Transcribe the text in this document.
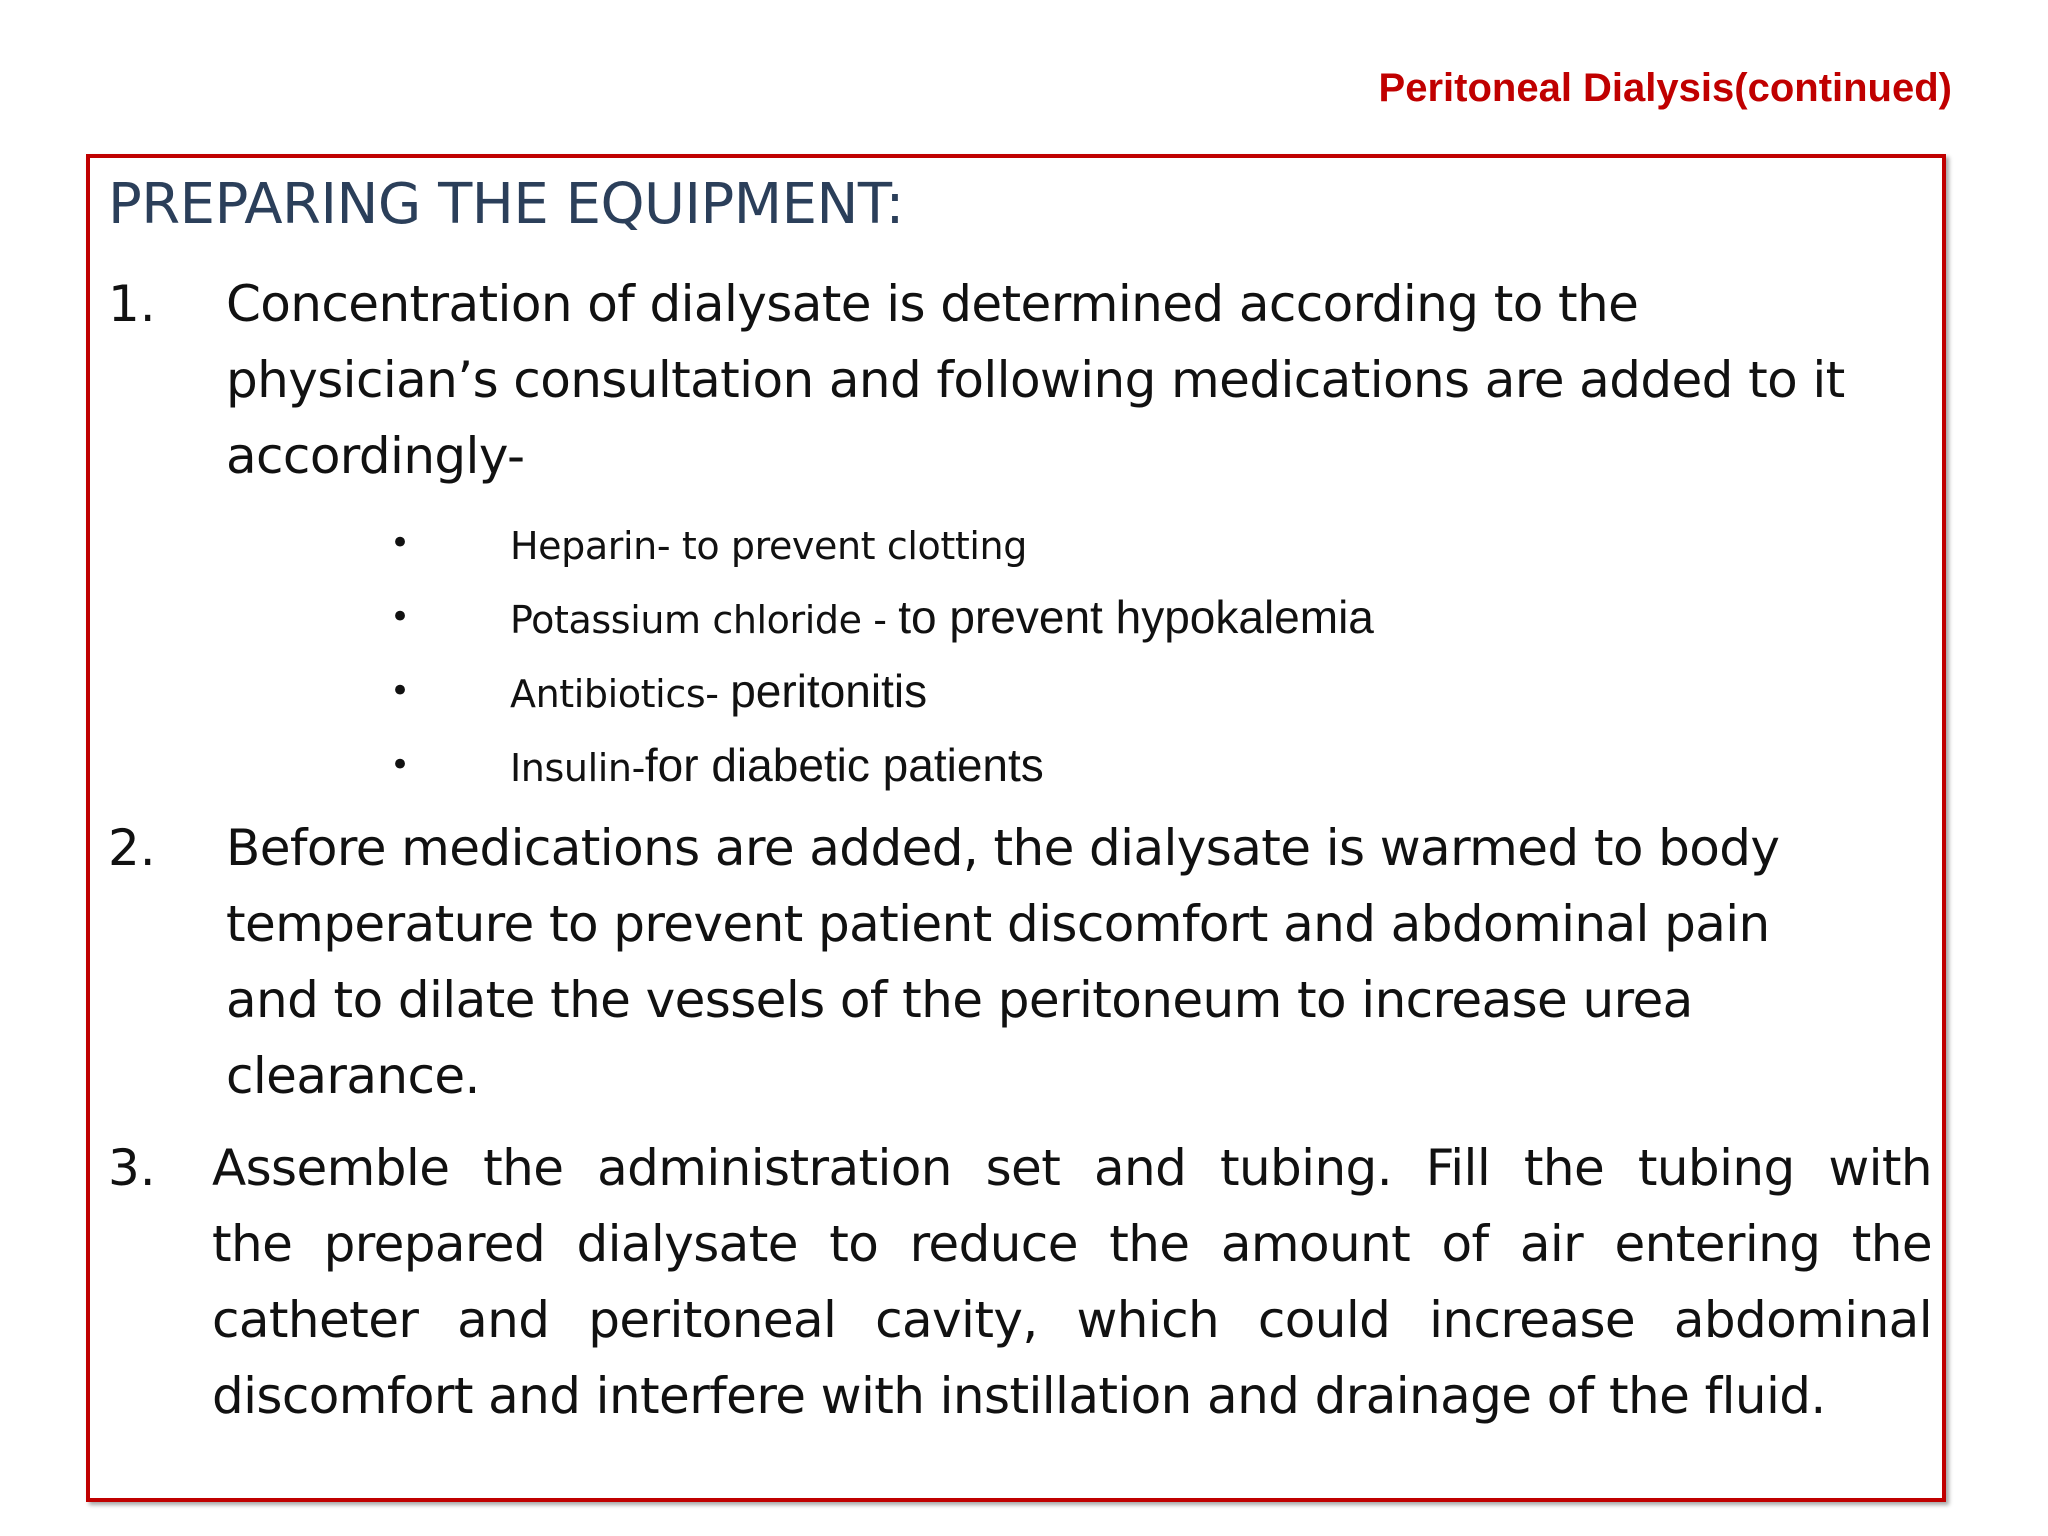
Peritoneal Dialysis(continued)
PREPARING THE EQUIPMENT:
1. Concentration of dialysate is determined according to the
physician’s consultation and following medications are added to it
accordingly-
•	Heparin- to prevent clotting
•	Potassium chloride - to prevent hypokalemia
•	Antibiotics- peritonitis
•	Insulin-for diabetic patients
2. Before medications are added, the dialysate is warmed to body
temperature to prevent patient discomfort and abdominal pain
and to dilate the vessels of the peritoneum to increase urea
clearance.
3. Assemble the administration set and tubing. Fill the tubing with
the prepared dialysate to reduce the amount of air entering the
catheter and peritoneal cavity, which could increase abdominal
discomfort and interfere with instillation and drainage of the fluid.
